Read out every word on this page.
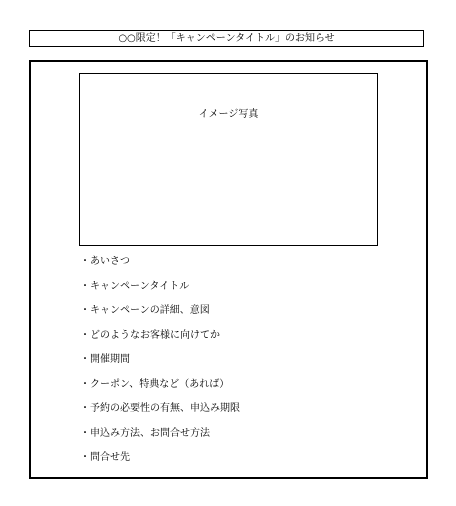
○○限定！「キャンペーンタイトル」のお知らせ
イメージ写真
・あいさつ
・キャンペーンタイトル
・キャンペーンの詳細、意図
・どのようなお客様に向けてか
・開催期間
・クーポン、特典など（あれば）
・予約の必要性の有無、申込み期限
・申込み方法、お問合せ方法
・問合せ先
